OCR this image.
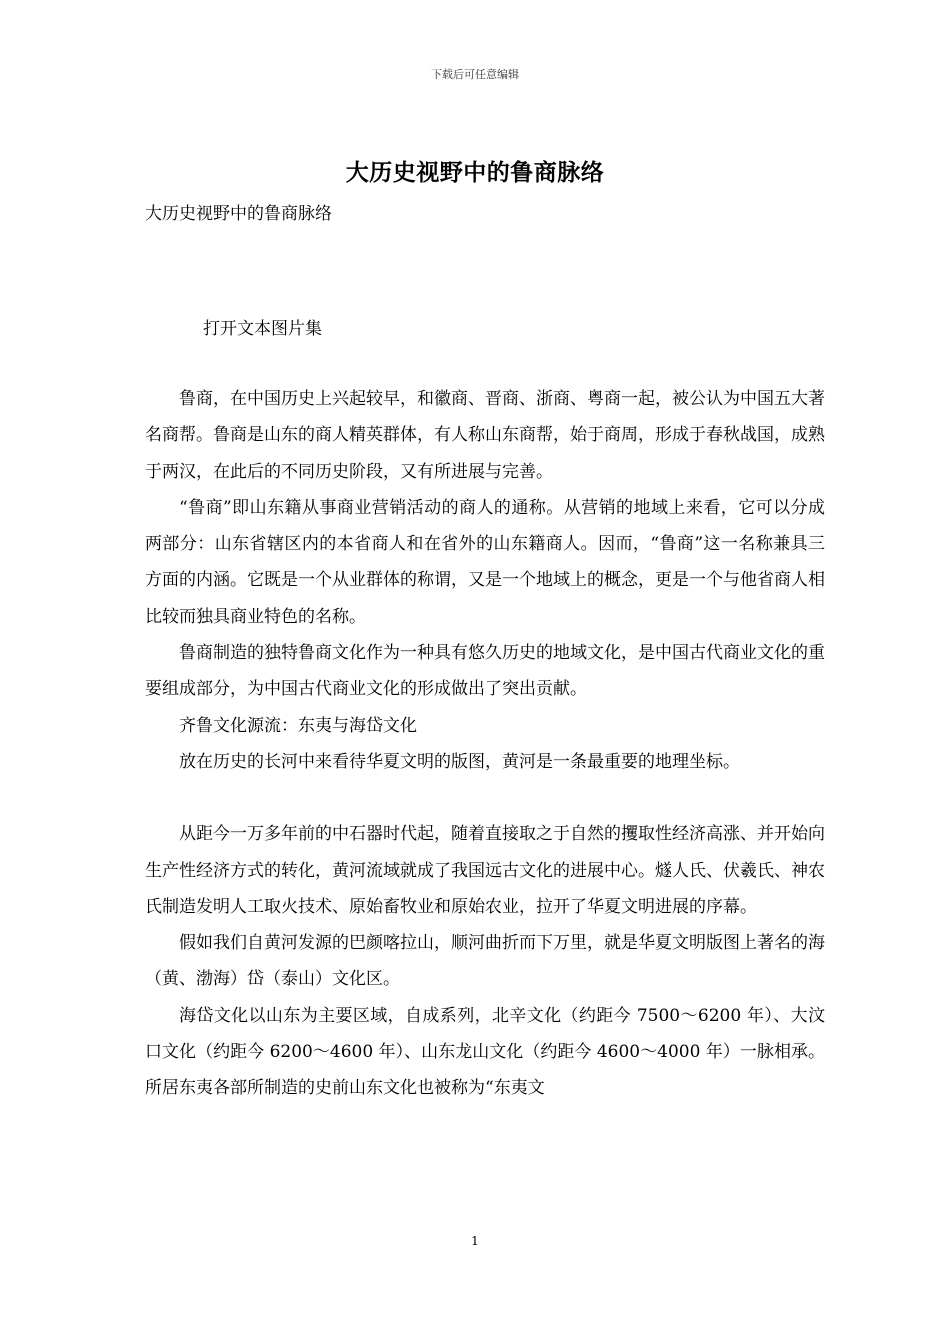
下载后可任意编辑
大历史视野中的鲁商脉络
大历史视野中的鲁商脉络
打开文本图片集

鲁商，在中国历史上兴起较早，和徽商、晋商、浙商、粤商一起，被公认为中国五大著名商帮。鲁商是山东的商人精英群体，有人称山东商帮，始于商周，形成于春秋战国，成熟于两汉，在此后的不同历史阶段，又有所进展与完善。

“鲁商”即山东籍从事商业营销活动的商人的通称。从营销的地域上来看，它可以分成两部分：山东省辖区内的本省商人和在省外的山东籍商人。因而，“鲁商”这一名称兼具三方面的内涵。它既是一个从业群体的称谓，又是一个地域上的概念，更是一个与他省商人相比较而独具商业特色的名称。

鲁商制造的独特鲁商文化作为一种具有悠久历史的地域文化，是中国古代商业文化的重要组成部分，为中国古代商业文化的形成做出了突出贡献。

齐鲁文化源流：东夷与海岱文化

放在历史的长河中来看待华夏文明的版图，黄河是一条最重要的地理坐标。

从距今一万多年前的中石器时代起，随着直接取之于自然的攫取性经济高涨、并开始向生产性经济方式的转化，黄河流域就成了我国远古文化的进展中心。燧人氏、伏羲氏、神农氏制造发明人工取火技术、原始畜牧业和原始农业，拉开了华夏文明进展的序幕。

假如我们自黄河发源的巴颜喀拉山，顺河曲折而下万里，就是华夏文明版图上著名的海（黄、渤海）岱（泰山）文化区。

海岱文化以山东为主要区域，自成系列，北辛文化（约距今 7500～6200 年）、大汶口文化（约距今 6200～4600 年）、山东龙山文化（约距今 4600～4000 年）一脉相承。所居东夷各部所制造的史前山东文化也被称为“东夷文

1
